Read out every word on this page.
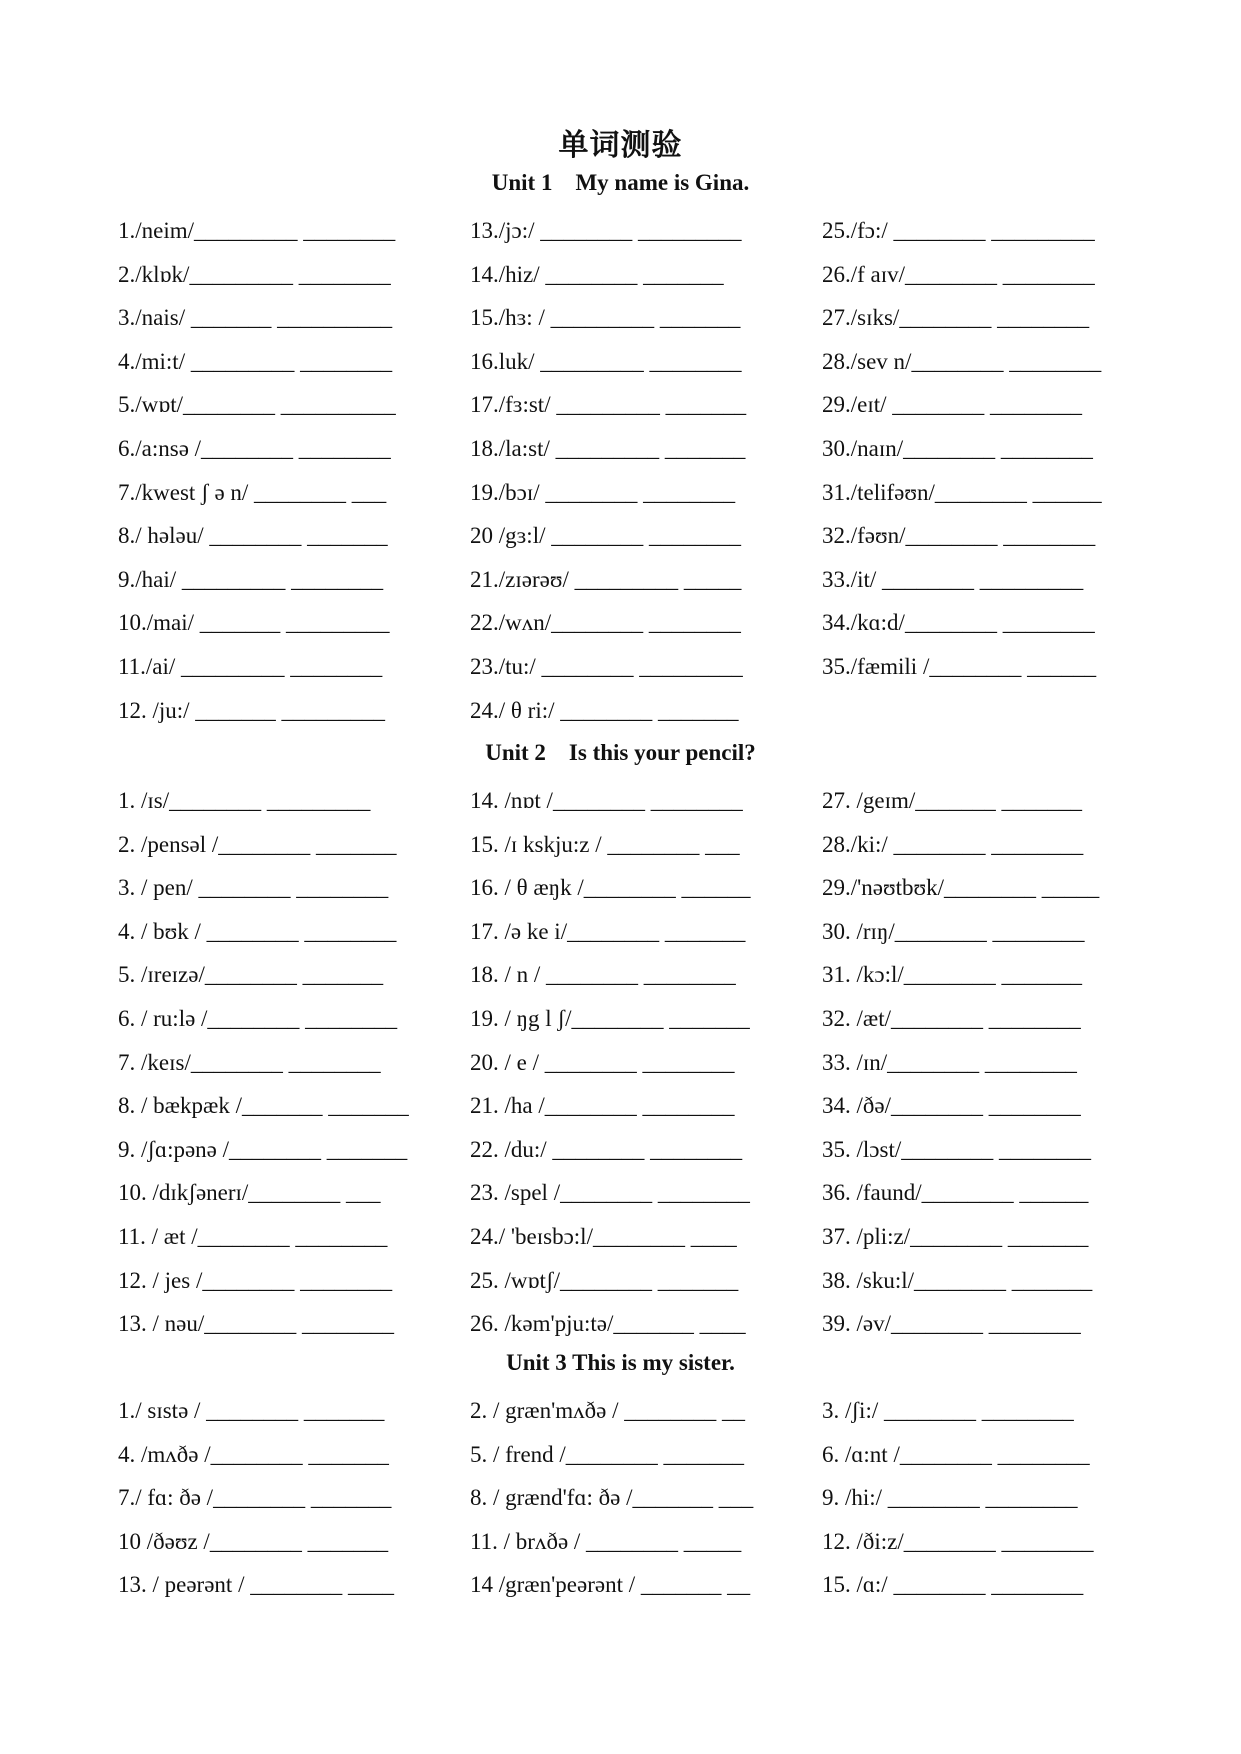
单词测验
Unit 1    My name is Gina.
1./neim/_________ ________	13./jɔ:/ ________ _________	25./fɔ:/ ________ _________
2./klɒk/_________ ________	14./hiz/ ________ _______	26./f aɪv/________ ________
3./nais/ _______ __________	15./hɜ: / _________ _______	27./sɪks/________ ________
4./mi:t/ _________ ________	16.luk/ _________ ________	28./sev n/________ ________
5./wɒt/________ __________	17./fɜ:st/ _________ _______	29./eɪt/ ________ ________
6./a:nsə /________ ________	18./la:st/ _________ _______	30./naɪn/________ ________
7./kwest ʃ ə n/ ________ ___	19./bɔɪ/ ________ ________	31./telifəʊn/________ ______
8./ hələu/ ________ _______	20 /gɜ:l/ ________ ________	32./fəʊn/________ ________
9./hai/ _________ ________	21./zɪərəʊ/ _________ _____	33./it/ ________ _________
10./mai/ _______ _________	22./wʌn/________ ________	34./kɑ:d/________ ________
11./ai/ _________ ________	23./tu:/ ________ _________	35./fæmili /________ ______
12. /ju:/ _______ _________	24./ θ ri:/ ________ _______
Unit 2    Is this your pencil?
1. /ɪs/________ _________	14. /nɒt /________ ________	27. /geɪm/_______ _______
2. /pensəl /________ _______	15. /ɪ kskju:z / ________ ___	28./ki:/ ________ ________
3. / pen/ ________ ________	16. / θ æŋk /________ ______	29./'nəʊtbʊk/________ _____
4. / bʊk / ________ ________	17. /ə ke i/________ _______	30. /rɪŋ/________ ________
5. /ɪreɪzə/________ _______	18. / n / ________ ________	31. /kɔ:l/________ _______
6. / ru:lə /________ ________	19. / ŋg l ʃ/________ _______	32. /æt/________ ________
7. /keɪs/________ ________	20. / e / ________ ________	33. /ɪn/________ ________
8. / bækpæk /_______ _______	21. /ha /________ ________	34. /ðə/________ ________
9. /ʃɑ:pənə /________ _______	22. /du:/ ________ ________	35. /lɔst/________ ________
10. /dɪkʃənerɪ/________ ___	23. /spel /________ ________	36. /faund/________ ______
11. / æt /________ ________	24./ 'beɪsbɔ:l/________ ____	37. /pli:z/________ _______
12. / jes /________ ________	25. /wɒtʃ/________ _______	38. /sku:l/________ _______
13. / nəu/________ ________	26. /kəm'pju:tə/_______ ____	39. /əv/________ ________
Unit 3 This is my sister.
1./ sɪstə / ________ _______	2. / græn'mʌðə / ________ __	3. /ʃi:/ ________ ________
4. /mʌðə /________ _______	5. / frend /________ _______	6. /ɑ:nt /________ ________
7./ fɑ: ðə /________ _______	8. / grænd'fɑ: ðə /_______ ___	9. /hi:/ ________ ________
10 /ðəʊz /________ _______	11. / brʌðə / ________ _____	12. /ði:z/________ ________
13. / peərənt / ________ ____	14 /græn'peərənt / _______ __	15. /ɑ:/ ________ ________
